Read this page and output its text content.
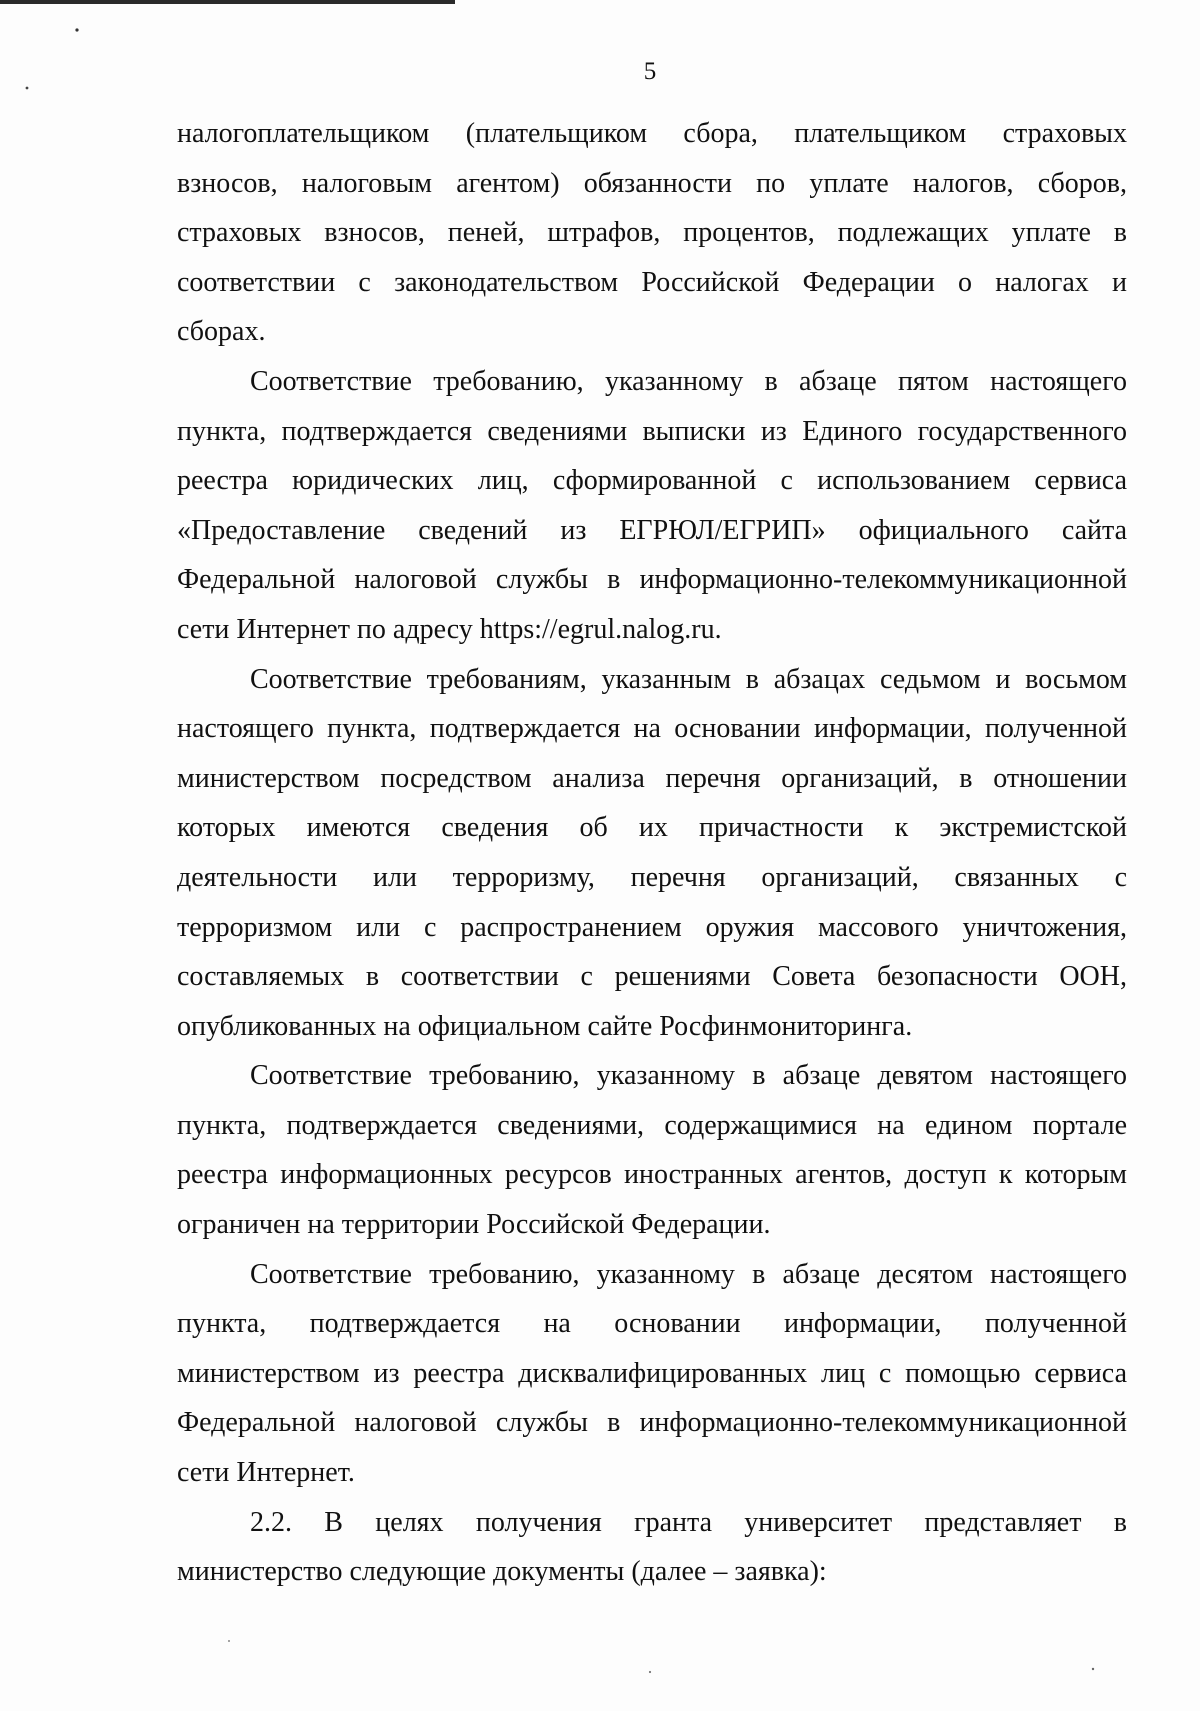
5
налогоплательщиком (плательщиком сбора, плательщиком страховых
взносов, налоговым агентом) обязанности по уплате налогов, сборов,
страховых взносов, пеней, штрафов, процентов, подлежащих уплате в
соответствии с законодательством Российской Федерации о налогах и
сборах.
Соответствие требованию, указанному в абзаце пятом настоящего
пункта, подтверждается сведениями выписки из Единого государственного
реестра юридических лиц, сформированной с использованием сервиса
«Предоставление сведений из ЕГРЮЛ/ЕГРИП» официального сайта
Федеральной налоговой службы в информационно-телекоммуникационной
сети Интернет по адресу https://egrul.nalog.ru.
Соответствие требованиям, указанным в абзацах седьмом и восьмом
настоящего пункта, подтверждается на основании информации, полученной
министерством посредством анализа перечня организаций, в отношении
которых имеются сведения об их причастности к экстремистской
деятельности или терроризму, перечня организаций, связанных с
терроризмом или с распространением оружия массового уничтожения,
составляемых в соответствии с решениями Совета безопасности ООН,
опубликованных на официальном сайте Росфинмониторинга.
Соответствие требованию, указанному в абзаце девятом настоящего
пункта, подтверждается сведениями, содержащимися на едином портале
реестра информационных ресурсов иностранных агентов, доступ к которым
ограничен на территории Российской Федерации.
Соответствие требованию, указанному в абзаце десятом настоящего
пункта, подтверждается на основании информации, полученной
министерством из реестра дисквалифицированных лиц с помощью сервиса
Федеральной налоговой службы в информационно-телекоммуникационной
сети Интернет.
2.2. В целях получения гранта университет представляет в
министерство следующие документы (далее – заявка):
